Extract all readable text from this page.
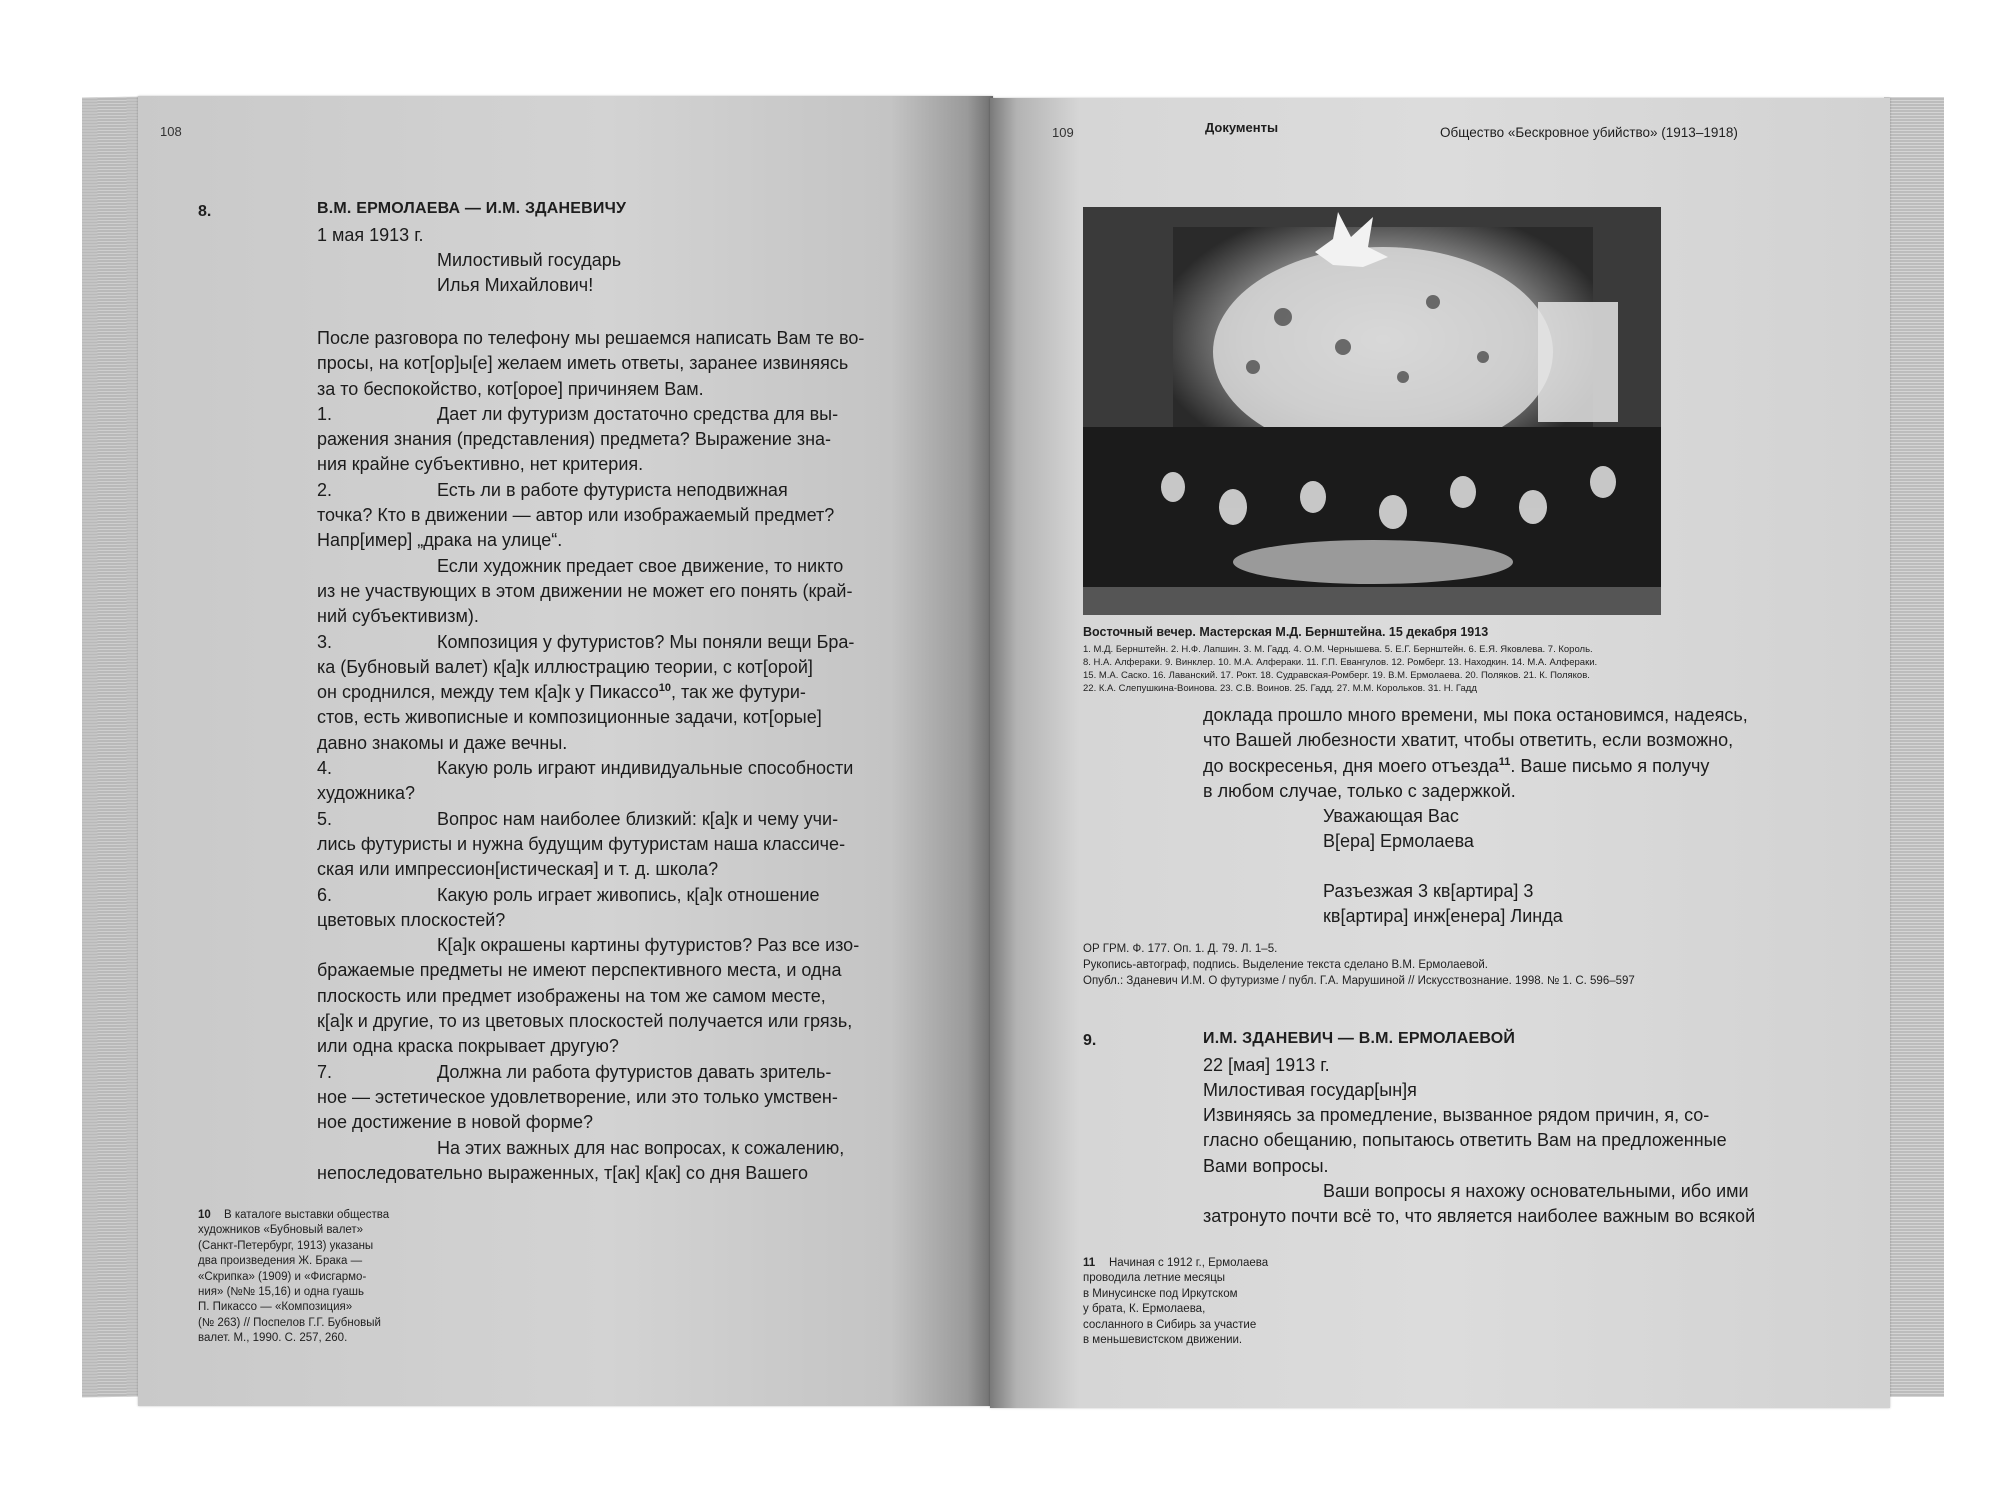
108
8.	В.М. ЕРМОЛАЕВА — И.М. ЗДАНЕВИЧУ
1 мая 1913 г.
Милостивый государь
Илья Михайлович!
После разговора по телефону мы решаемся написать Вам те во-
просы, на кот[ор]ы[е] желаем иметь ответы, заранее извиняясь
за то беспокойство, кот[орое] причиняем Вам.
1.	Дает ли футуризм достаточно средства для вы-
ражения знания (представления) предмета? Выражение зна-
ния крайне субъективно, нет критерия.
2.	Есть ли в работе футуриста неподвижная
точка? Кто в движении — автор или изображаемый предмет?
Напр[имер] „драка на улице“.
Если художник предает свое движение, то никто
из не участвующих в этом движении не может его понять (край-
ний субъективизм).
3.	Композиция у футуристов? Мы поняли вещи Бра-
ка (Бубновый валет) к[а]к иллюстрацию теории, с кот[орой]
он сроднился, между тем к[а]к у Пикассо$^{10}$, так же футури-
стов, есть живописные и композиционные задачи, кот[орые]
давно знакомы и даже вечны.
4.	Какую роль играют индивидуальные способности
художника?
5.	Вопрос нам наиболее близкий: к[а]к и чему учи-
лись футуристы и нужна будущим футуристам наша классиче-
ская или импрессион[истическая] и т. д. школа?
6.	Какую роль играет живопись, к[а]к отношение
цветовых плоскостей?
К[а]к окрашены картины футуристов? Раз все изо-
бражаемые предметы не имеют перспективного места, и одна
плоскость или предмет изображены на том же самом месте,
к[а]к и другие, то из цветовых плоскостей получается или грязь,
или одна краска покрывает другую?
7.	Должна ли работа футуристов давать зритель-
ное — эстетическое удовлетворение, или это только умствен-
ное достижение в новой форме?
На этих важных для нас вопросах, к сожалению,
непоследовательно выраженных, т[ак] к[ак] со дня Вашего
10 В каталоге выставки общества
художников «Бубновый валет»
(Санкт-Петербург, 1913) указаны
два произведения Ж. Брака —
«Скрипка» (1909) и «Фисгармо-
ния» (№№ 15,16) и одна гуашь
П. Пикассо — «Композиция»
(№ 263) // Поспелов Г.Г. Бубновый
валет. М., 1990. С. 257, 260.
109	Документы	Общество «Бескровное убийство» (1913–1918)
Восточный вечер. Мастерская М.Д. Бернштейна. 15 декабря 1913
1. М.Д. Бернштейн. 2. Н.Ф. Лапшин. 3. М. Гадд. 4. О.М. Чернышева. 5. Е.Г. Бернштейн. 6. Е.Я. Яковлева. 7. Король.
8. Н.А. Алферaки. 9. Винклер. 10. М.А. Алферaки. 11. Г.П. Евангулов. 12. Ромберг. 13. Находкин. 14. М.А. Алферaки.
15. М.А. Сaско. 16. Лаванский. 17. Рокт. 18. Судравская-Ромберг. 19. В.М. Ермолаева. 20. Поляков. 21. К. Поляков.
22. К.А. Слепушкина-Воинова. 23. С.В. Воинов. 25. Гадд. 27. М.М. Корольков. 31. Н. Гадд
доклада прошло много времени, мы пока остановимся, надеясь,
что Вашей любезности хватит, чтобы ответить, если возможно,
до воскресенья, дня моего отъезда$^{11}$. Ваше письмо я получу
в любом случае, только с задержкой.
Уважающая Вас
В[ера] Ермолаева
Разъезжая 3 кв[артира] 3
кв[артира] инж[енера] Линда
ОР ГРМ. Ф. 177. Оп. 1. Д. 79. Л. 1–5.
Рукопись-автограф, подпись. Выделение текста сделано В.М. Ермолаевой.
Опубл.: Зданевич И.М. О футуризме / публ. Г.А. Марушиной // Искусствознание. 1998. № 1. С. 596–597
9.	И.М. ЗДАНЕВИЧ — В.М. ЕРМОЛАЕВОЙ
22 [мая] 1913 г.
Милостивая государ[ын]я
Извиняясь за промедление, вызванное рядом причин, я, со-
гласно обещанию, попытаюсь ответить Вам на предложенные
Вами вопросы.
Ваши вопросы я нахожу основательными, ибо ими
затронуто почти всё то, что является наиболее важным во всякой
11 Начиная с 1912 г., Ермолаева
проводила летние месяцы
в Минусинске под Иркутском
у брата, К. Ермолаева,
сосланного в Сибирь за участие
в меньшевистском движении.
